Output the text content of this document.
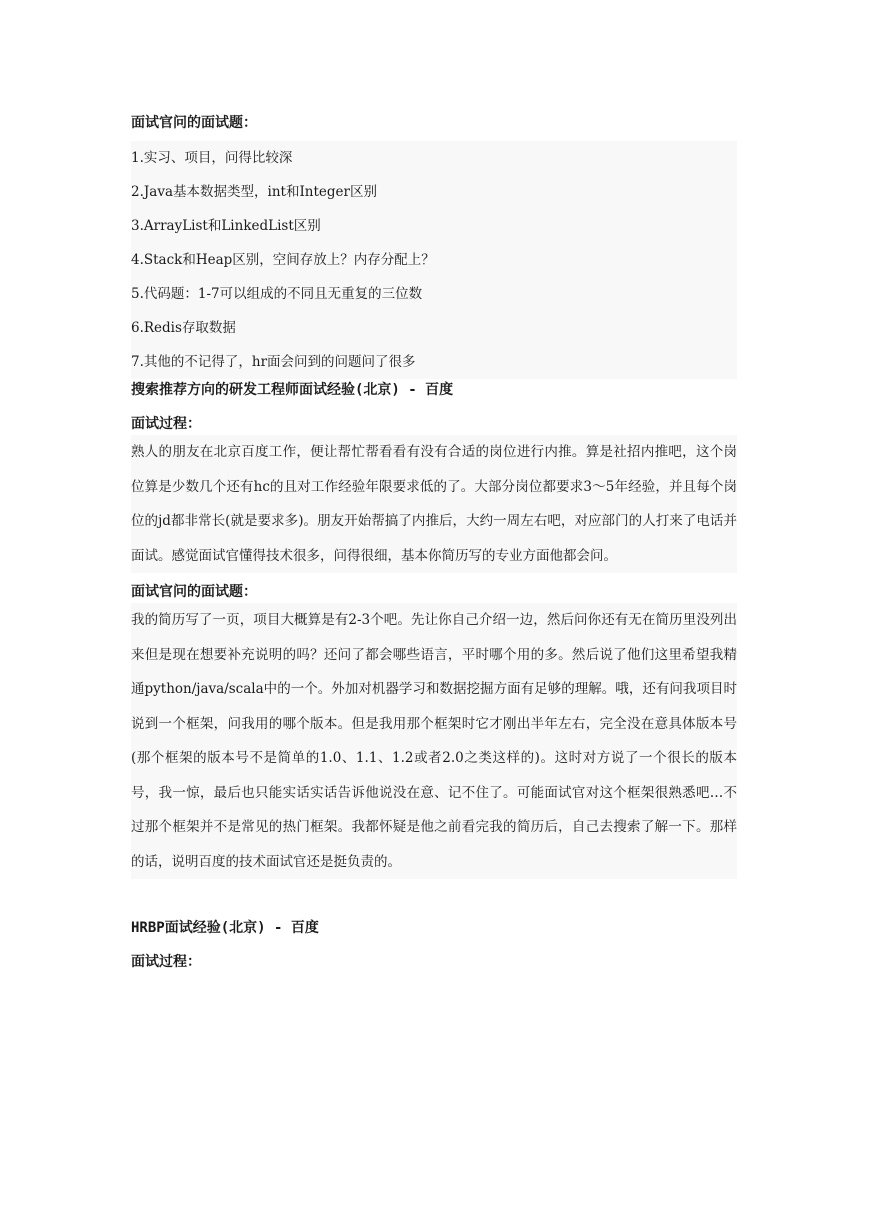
面试官问的面试题：
1.实习、项目，问得比较深
2.Java基本数据类型，int和Integer区别
3.ArrayList和LinkedList区别
4.Stack和Heap区别，空间存放上？内存分配上？
5.代码题：1-7可以组成的不同且无重复的三位数
6.Redis存取数据
7.其他的不记得了，hr面会问到的问题问了很多
搜索推荐方向的研发工程师面试经验(北京) - 百度
面试过程：

熟人的朋友在北京百度工作，便让帮忙帮看看有没有合适的岗位进行内推。算是社招内推吧，这个岗位算是少数几个还有hc的且对工作经验年限要求低的了。大部分岗位都要求3～5年经验，并且每个岗位的jd都非常长(就是要求多)。朋友开始帮搞了内推后，大约一周左右吧，对应部门的人打来了电话并面试。感觉面试官懂得技术很多，问得很细，基本你简历写的专业方面他都会问。

面试官问的面试题：

我的简历写了一页，项目大概算是有2-3个吧。先让你自己介绍一边，然后问你还有无在简历里没列出来但是现在想要补充说明的吗？还问了都会哪些语言，平时哪个用的多。然后说了他们这里希望我精通python/java/scala中的一个。外加对机器学习和数据挖掘方面有足够的理解。哦，还有问我项目时说到一个框架，问我用的哪个版本。但是我用那个框架时它才刚出半年左右，完全没在意具体版本号(那个框架的版本号不是简单的1.0、1.1、1.2或者2.0之类这样的)。这时对方说了一个很长的版本号，我一惊，最后也只能实话实话告诉他说没在意、记不住了。可能面试官对这个框架很熟悉吧…不过那个框架并不是常见的热门框架。我都怀疑是他之前看完我的简历后，自己去搜索了解一下。那样的话，说明百度的技术面试官还是挺负责的。

HRBP面试经验(北京) - 百度
面试过程：
